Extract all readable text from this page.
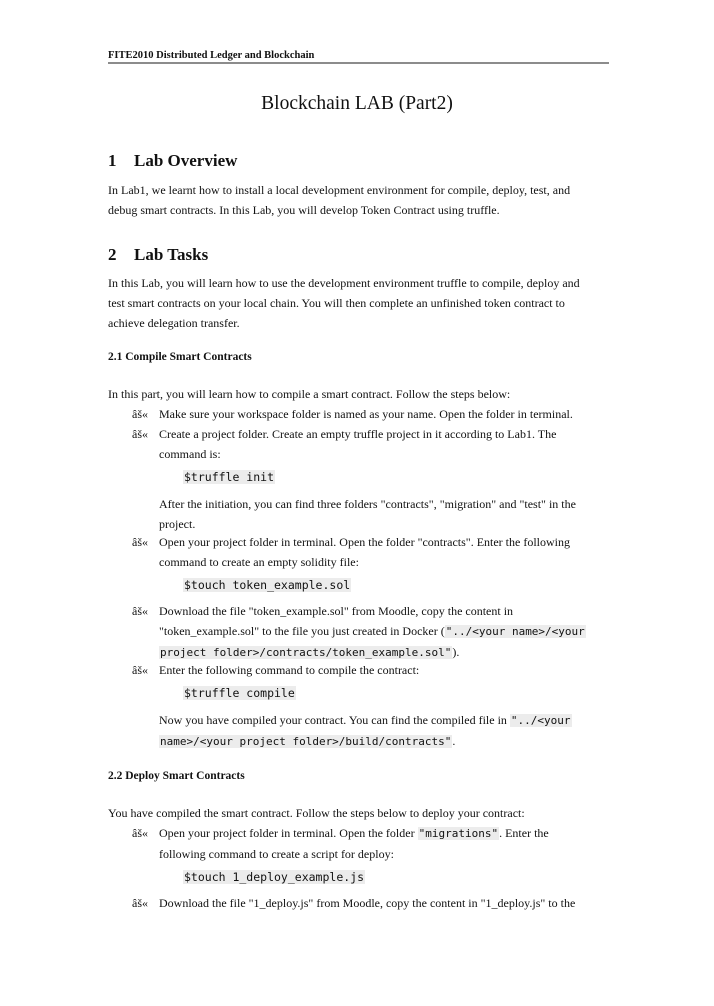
FITE2010 Distributed Ledger and Blockchain
Blockchain LAB (Part2)
1 Lab Overview
In Lab1, we learnt how to install a local development environment for compile, deploy, test, and
debug smart contracts. In this Lab, you will develop Token Contract using truffle.
2 Lab Tasks
In this Lab, you will learn how to use the development environment truffle to compile, deploy and
test smart contracts on your local chain. You will then complete an unfinished token contract to
achieve delegation transfer.
2.1 Compile Smart Contracts
In this part, you will learn how to compile a smart contract. Follow the steps below:
âš« Make sure your workspace folder is named as your name. Open the folder in terminal.
âš« Create a project folder. Create an empty truffle project in it according to Lab1. The
command is:
$truffle init
After the initiation, you can find three folders "contracts", "migration" and "test" in the
project.
âš« Open your project folder in terminal. Open the folder "contracts". Enter the following
command to create an empty solidity file:
$touch token_example.sol
âš« Download the file "token_example.sol" from Moodle, copy the content in
"token_example.sol" to the file you just created in Docker ("../<your name>/<your
project folder>/contracts/token_example.sol").
âš« Enter the following command to compile the contract:
$truffle compile
Now you have compiled your contract. You can find the compiled file in "../<your
name>/<your project folder>/build/contracts".
2.2 Deploy Smart Contracts
You have compiled the smart contract. Follow the steps below to deploy your contract:
âš« Open your project folder in terminal. Open the folder "migrations". Enter the
following command to create a script for deploy:
$touch 1_deploy_example.js
âš« Download the file "1_deploy.js" from Moodle, copy the content in "1_deploy.js" to the
